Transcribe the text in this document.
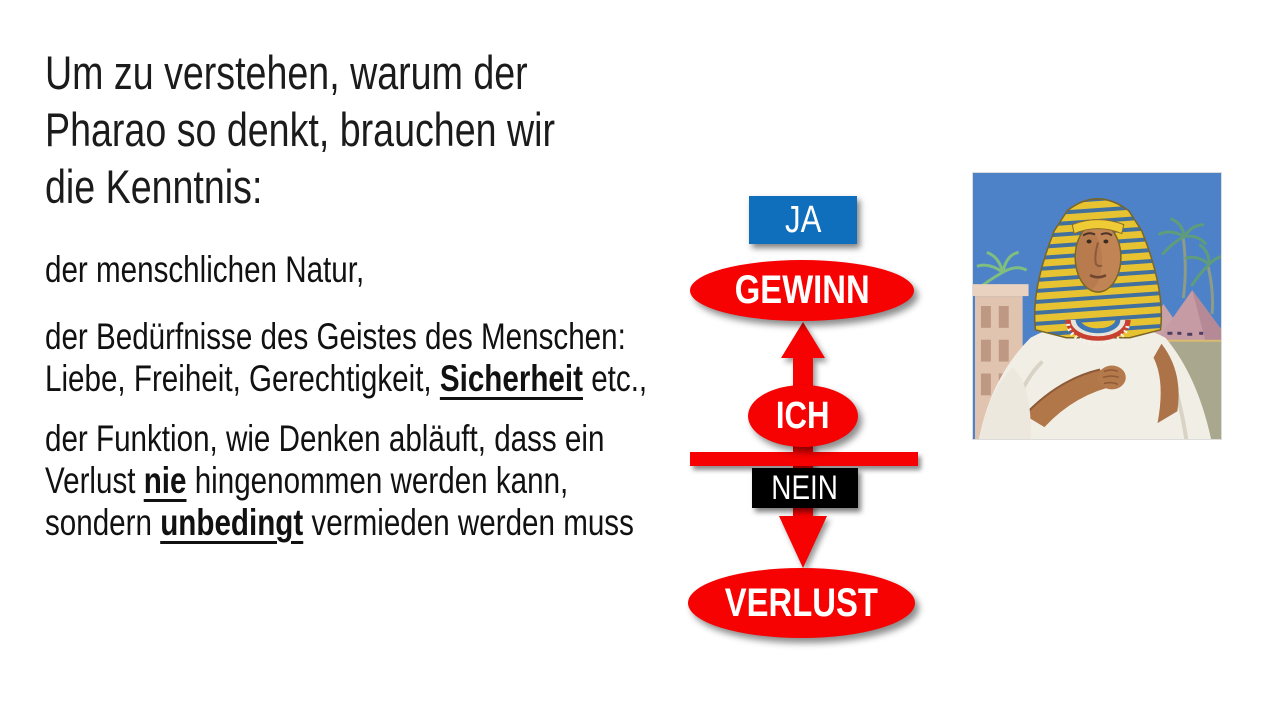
Um zu verstehen, warum der
Pharao so denkt, brauchen wir
die Kenntnis:
der menschlichen Natur,
der Bedürfnisse des Geistes des Menschen:
Liebe, Freiheit, Gerechtigkeit, Sicherheit etc.,
der Funktion, wie Denken abläuft, dass ein
Verlust nie hingenommen werden kann,
sondern unbedingt vermieden werden muss
JA
GEWINN
ICH
NEIN
VERLUST
